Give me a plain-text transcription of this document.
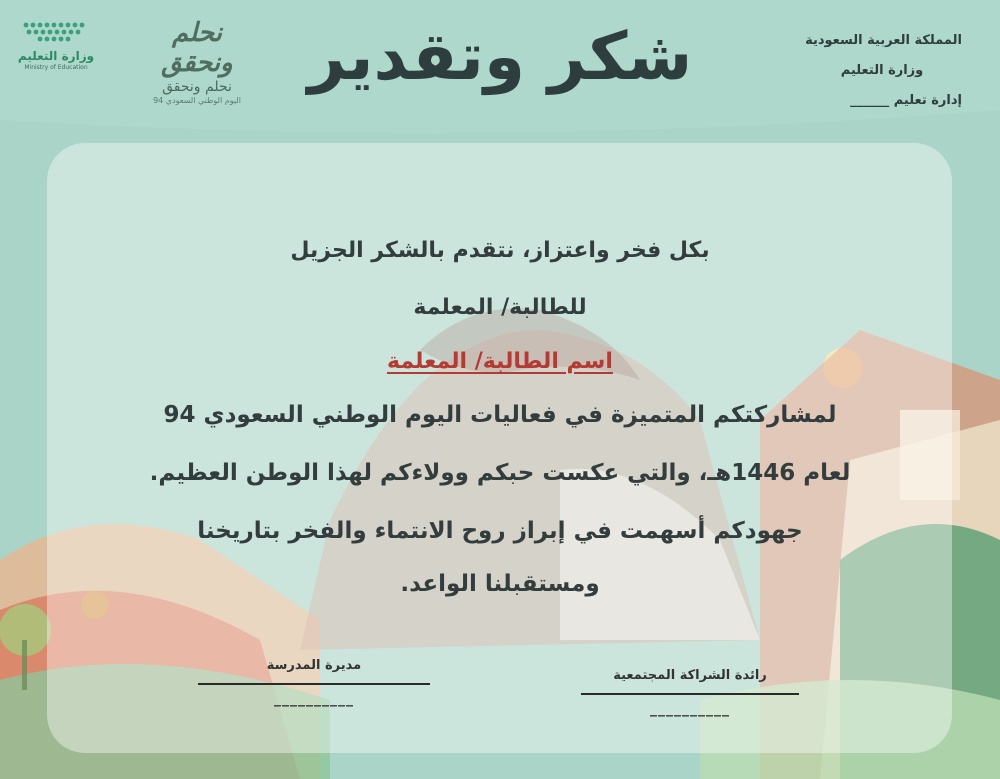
المملكة العربية السعودية
وزارة التعليم
إدارة تعليم ______
شكر وتقدير
نحلم ونحقق
نحلم ونحقق
اليوم الوطني السعودي 94
وزارة التعليم
Ministry of Education
بكل فخر واعتزاز، نتقدم بالشكر الجزيل
للطالبة/ المعلمة
اسم الطالبة/ المعلمة
لمشاركتكم المتميزة في فعاليات اليوم الوطني السعودي 94
لعام 1446هـ، والتي عكست حبكم وولاءكم لهذا الوطن العظيم.
جهودكم أسهمت في إبراز روح الانتماء والفخر بتاريخنا
ومستقبلنا الواعد.
مديرة المدرسة
__________
رائدة الشراكة المجتمعية
__________
